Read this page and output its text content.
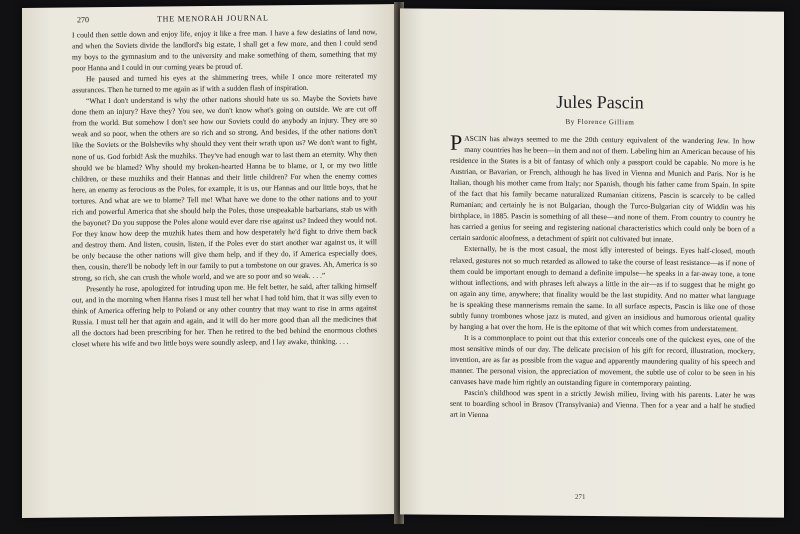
270	THE MENORAH JOURNAL

I could then settle down and enjoy life, enjoy it like a free man. I have a few desiatins of land now, and when the Soviets divide the landlord's big estate, I shall get a few more, and then I could send my boys to the gymnasium and to the university and make something of them, something that my poor Hanna and I could in our coming years be proud of.

He paused and turned his eyes at the shimmering trees, while I once more reiterated my assurances. Then he turned to me again as if with a sudden flash of inspiration.

“What I don't understand is why the other nations should hate us so. Maybe the Soviets have done them an injury? Have they? You see, we don't know what's going on outside. We are cut off from the world. But somehow I don't see how our Soviets could do anybody an injury. They are so weak and so poor, when the others are so rich and so strong. And besides, if the other nations don't like the Soviets or the Bolsheviks why should they vent their wrath upon us? We don't want to fight, none of us. God forbid! Ask the muzhiks. They've had enough war to last them an eternity. Why then should we be blamed? Why should my broken-hearted Hanna be to blame, or I, or my two little children, or these muzhiks and their Hannas and their little children? For when the enemy comes here, an enemy as ferocious as the Poles, for example, it is us, our Hannas and our little boys, that he tortures. And what are we to blame? Tell me! What have we done to the other nations and to your rich and powerful America that she should help the Poles, those unspeakable barbarians, stab us with the bayonet? Do you suppose the Poles alone would ever dare rise against us? Indeed they would not. For they know how deep the muzhik hates them and how desperately he'd fight to drive them back and destroy them. And listen, cousin, listen, if the Poles ever do start another war against us, it will be only because the other nations will give them help, and if they do, if America especially does, then, cousin, there'll be nobody left in our family to put a tombstone on our graves. Ah, America is so strong, so rich, she can crush the whole world, and we are so poor and so weak. . . .”

Presently he rose, apologized for intruding upon me. He felt better, he said, after talking himself out, and in the morning when Hanna rises I must tell her what I had told him, that it was silly even to think of America offering help to Poland or any other country that may want to rise in arms against Russia. I must tell her that again and again, and it will do her more good than all the medicines that all the doctors had been prescribing for her. Then he retired to the bed behind the enormous clothes closet where his wife and two little boys were soundly asleep, and I lay awake, thinking. . . .

Jules Pascin
By Florence Gilliam

PASCIN has always seemed to me the 20th century equivalent of the wandering Jew. In how many countries has he been—in them and not of them. Labeling him an American because of his residence in the States is a bit of fantasy of which only a passport could be capable. No more is he Austrian, or Bavarian, or French, although he has lived in Vienna and Munich and Paris. Nor is he Italian, though his mother came from Italy; nor Spanish, though his father came from Spain. In spite of the fact that his family became naturalized Rumanian citizens, Pascin is scarcely to be called Rumanian; and certainly he is not Bulgarian, though the Turco-Bulgarian city of Widdin was his birthplace, in 1885. Pascin is something of all these—and none of them. From country to country he has carried a genius for seeing and registering national characteristics which could only be born of a certain sardonic aloofness, a detachment of spirit not cultivated but innate.

Externally, he is the most casual, the most idly interested of beings. Eyes half-closed, mouth relaxed, gestures not so much retarded as allowed to take the course of least resistance—as if none of them could be important enough to demand a definite impulse—he speaks in a far-away tone, a tone without inflections, and with phrases left always a little in the air—as if to suggest that he might go on again any time, anywhere; that finality would be the last stupidity. And no matter what language he is speaking these mannerisms remain the same. In all surface aspects, Pascin is like one of those subtly funny trombones whose jazz is muted, and given an insidious and humorous oriental quality by hanging a hat over the horn. He is the epitome of that wit which comes from understatement.

It is a commonplace to point out that this exterior conceals one of the quickest eyes, one of the most sensitive minds of our day. The delicate precision of his gift for record, illustration, mockery, invention, are as far as possible from the vague and apparently maundering quality of his speech and manner. The personal vision, the appreciation of movement, the subtle use of color to be seen in his canvases have made him rightly an outstanding figure in contemporary painting.

Pascin's childhood was spent in a strictly Jewish milieu, living with his parents. Later he was sent to boarding school in Brasov (Transylvania) and Vienna. Then for a year and a half he studied art in Vienna

271
